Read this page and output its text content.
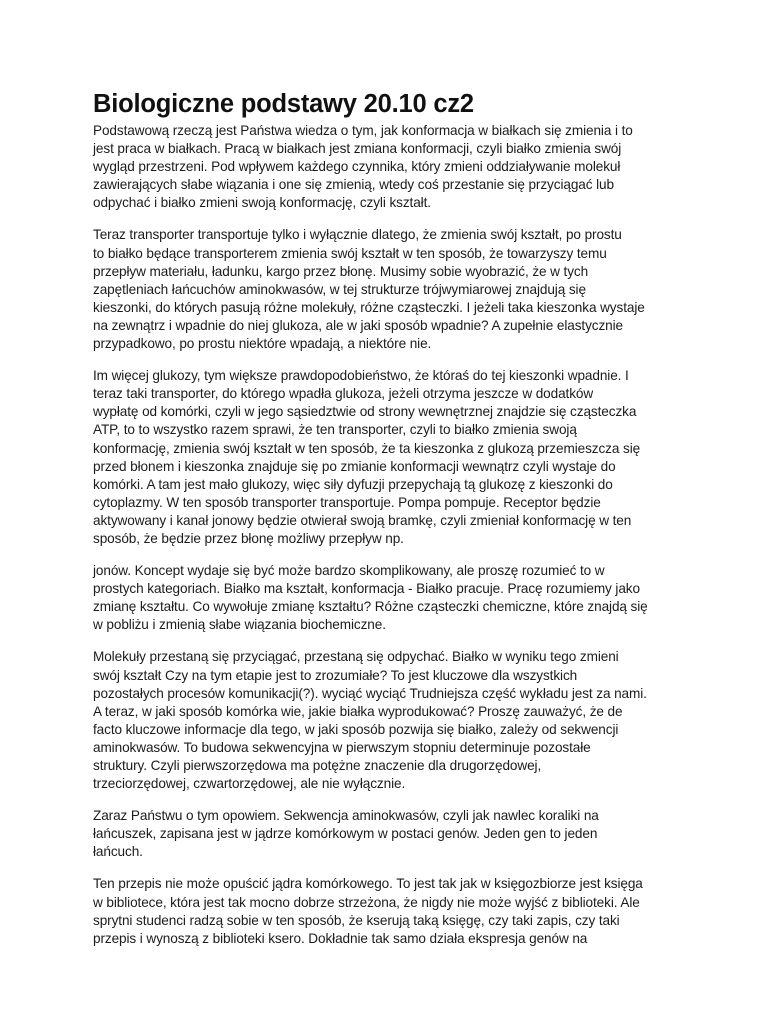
Biologiczne podstawy 20.10 cz2

Podstawową rzeczą jest Państwa wiedza o tym, jak konformacja w białkach się zmienia i to
jest praca w białkach. Pracą w białkach jest zmiana konformacji, czyli białko zmienia swój
wygląd przestrzeni. Pod wpływem każdego czynnika, który zmieni oddziaływanie molekuł
zawierających słabe wiązania i one się zmienią, wtedy coś przestanie się przyciągać lub
odpychać i białko zmieni swoją konformację, czyli kształt.

Teraz transporter transportuje tylko i wyłącznie dlatego, że zmienia swój kształt, po prostu
to białko będące transporterem zmienia swój kształt w ten sposób, że towarzyszy temu
przepływ materiału, ładunku, kargo przez błonę. Musimy sobie wyobrazić, że w tych
zapętleniach łańcuchów aminokwasów, w tej strukturze trójwymiarowej znajdują się
kieszonki, do których pasują różne molekuły, różne cząsteczki. I jeżeli taka kieszonka wystaje
na zewnątrz i wpadnie do niej glukoza, ale w jaki sposób wpadnie? A zupełnie elastycznie
przypadkowo, po prostu niektóre wpadają, a niektóre nie.

Im więcej glukozy, tym większe prawdopodobieństwo, że któraś do tej kieszonki wpadnie. I
teraz taki transporter, do którego wpadła glukoza, jeżeli otrzyma jeszcze w dodatków
wypłatę od komórki, czyli w jego sąsiedztwie od strony wewnętrznej znajdzie się cząsteczka
ATP, to to wszystko razem sprawi, że ten transporter, czyli to białko zmienia swoją
konformację, zmienia swój kształt w ten sposób, że ta kieszonka z glukozą przemieszcza się
przed błonem i kieszonka znajduje się po zmianie konformacji wewnątrz czyli wystaje do
komórki. A tam jest mało glukozy, więc siły dyfuzji przepychają tą glukozę z kieszonki do
cytoplazmy. W ten sposób transporter transportuje. Pompa pompuje. Receptor będzie
aktywowany i kanał jonowy będzie otwierał swoją bramkę, czyli zmieniał konformację w ten
sposób, że będzie przez błonę możliwy przepływ np.

jonów. Koncept wydaje się być może bardzo skomplikowany, ale proszę rozumieć to w
prostych kategoriach. Białko ma kształt, konformacja - Białko pracuje. Pracę rozumiemy jako
zmianę kształtu. Co wywołuje zmianę kształtu? Różne cząsteczki chemiczne, które znajdą się
w pobliżu i zmienią słabe wiązania biochemiczne.

Molekuły przestaną się przyciągać, przestaną się odpychać. Białko w wyniku tego zmieni
swój kształt Czy na tym etapie jest to zrozumiałe? To jest kluczowe dla wszystkich
pozostałych procesów komunikacji(?). wyciąć wyciąć Trudniejsza część wykładu jest za nami.
A teraz, w jaki sposób komórka wie, jakie białka wyprodukować? Proszę zauważyć, że de
facto kluczowe informacje dla tego, w jaki sposób pozwija się białko, zależy od sekwencji
aminokwasów. To budowa sekwencyjna w pierwszym stopniu determinuje pozostałe
struktury. Czyli pierwszorzędowa ma potężne znaczenie dla drugorzędowej,
trzeciorzędowej, czwartorzędowej, ale nie wyłącznie.

Zaraz Państwu o tym opowiem. Sekwencja aminokwasów, czyli jak nawlec koraliki na
łańcuszek, zapisana jest w jądrze komórkowym w postaci genów. Jeden gen to jeden
łańcuch.

Ten przepis nie może opuścić jądra komórkowego. To jest tak jak w księgozbiorze jest księga
w bibliotece, która jest tak mocno dobrze strzeżona, że nigdy nie może wyjść z biblioteki. Ale
sprytni studenci radzą sobie w ten sposób, że kserują taką księgę, czy taki zapis, czy taki
przepis i wynoszą z biblioteki ksero. Dokładnie tak samo działa ekspresja genów na
